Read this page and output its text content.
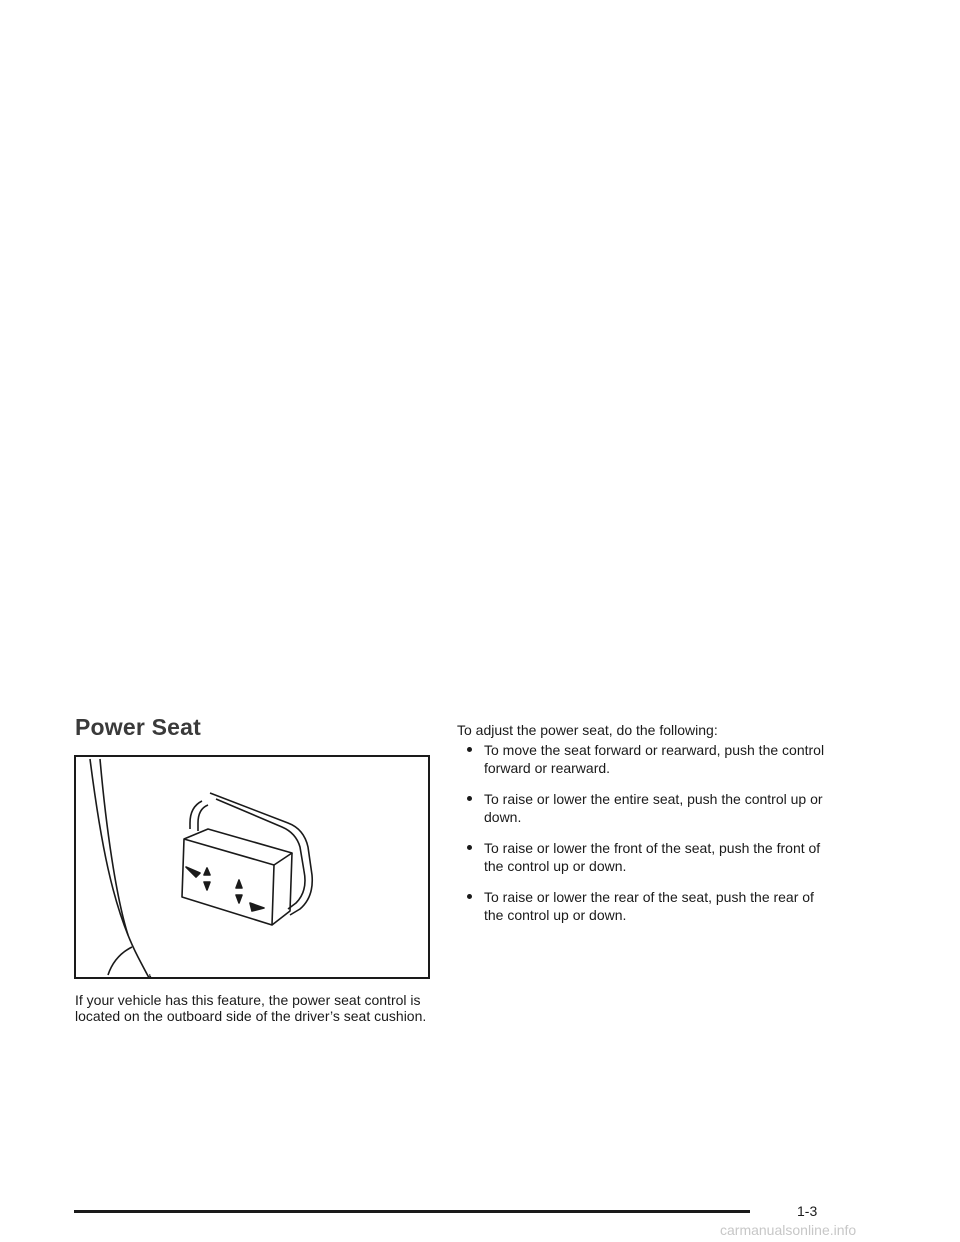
Power Seat

If your vehicle has this feature, the power seat control is located on the outboard side of the driver’s seat cushion.

To adjust the power seat, do the following:

To move the seat forward or rearward, push the control forward or rearward.
To raise or lower the entire seat, push the control up or down.
To raise or lower the front of the seat, push the front of the control up or down.
To raise or lower the rear of the seat, push the rear of the control up or down.
1-3
carmanualsonline.info
